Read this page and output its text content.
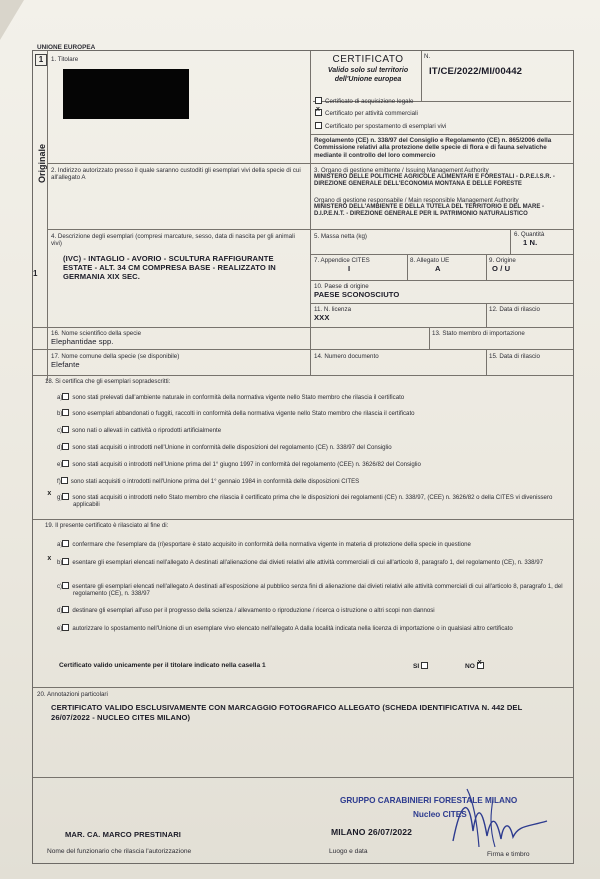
UNIONE EUROPEA
1
Originale
1
1. Titolare	CERTIFICATO
Valido solo sul territorio dell'Unione europea
N.
IT/CE/2022/MI/00442
Certificato di acquisizione legale
xCertificato per attività commerciali
Certificato per spostamento di esemplari vivi
Regolamento (CE) n. 338/97 del Consiglio e Regolamento (CE) n. 865/2006 della Commissione relativi alla protezione delle specie di flora e di fauna selvatiche mediante il controllo del loro commercio
2. Indirizzo autorizzato presso il quale saranno custoditi gli esemplari vivi della specie di cui all'allegato A
3. Organo di gestione emittente / Issuing Management Authority
MINISTERO DELLE POLITICHE AGRICOLE ALIMENTARI E FORESTALI - D.P.E.I.S.R. - DIREZIONE GENERALE DELL'ECONOMIA MONTANA E DELLE FORESTE
Organo di gestione responsabile / Main responsible Management Authority
MINISTERO DELL'AMBIENTE E DELLA TUTELA DEL TERRITORIO E DEL MARE - D.I.P.E.N.T. - DIREZIONE GENERALE PER IL PATRIMONIO NATURALISTICO
4. Descrizione degli esemplari (compresi marcature, sesso, data di nascita per gli animali vivi)
(IVC) - INTAGLIO - AVORIO - SCULTURA RAFFIGURANTE ESTATE - ALT. 34 CM COMPRESA BASE - REALIZZATO IN GERMANIA XIX SEC.
5. Massa netta (kg)	6. Quantità
1 N.
7. Appendice CITES
I
8. Allegato UE
A
9. Origine
O / U
10. Paese di origine
PAESE SCONOSCIUTO
11. N. licenza
XXX
12. Data di rilascio
16. Nome scientifico della specie
Elephantidae spp.
13. Stato membro di importazione
17. Nome comune della specie (se disponibile)
Elefante
14. Numero documento	15. Data di rilascio
18. Si certifica che gli esemplari sopradescritti:
a) sono stati prelevati dall'ambiente naturale in conformità della normativa vigente nello Stato membro che rilascia il certificato
b) sono esemplari abbandonati o fuggiti, raccolti in conformità della normativa vigente nello Stato membro che rilascia il certificato
c) sono nati o allevati in cattività o riprodotti artificialmente
d) sono stati acquisiti o introdotti nell'Unione in conformità delle disposizioni del regolamento (CE) n. 338/97 del Consiglio
e) sono stati acquisiti o introdotti nell'Unione prima del 1° giugno 1997 in conformità del regolamento (CEE) n. 3626/82 del Consiglio
f) sono stati acquisiti o introdotti nell'Unione prima del 1° gennaio 1984 in conformità delle disposizioni CITES
g) x sono stati acquisiti o introdotti nello Stato membro che rilascia il certificato prima che le disposizioni dei regolamenti (CE) n. 338/97, (CEE) n. 3626/82 o della CITES vi divenissero applicabili
19. Il presente certificato è rilasciato al fine di:
a) confermare che l'esemplare da (ri)esportare è stato acquisito in conformità della normativa vigente in materia di protezione della specie in questione
b) x esentare gli esemplari elencati nell'allegato A destinati all'alienazione dai divieti relativi alle attività commerciali di cui all'articolo 8, paragrafo 1, del regolamento (CE), n. 338/97
c) esentare gli esemplari elencati nell'allegato A destinati all'esposizione al pubblico senza fini di alienazione dai divieti relativi alle attività commerciali di cui all'articolo 8, paragrafo 1, del regolamento (CE), n. 338/97
d) destinare gli esemplari all'uso per il progresso della scienza / allevamento o riproduzione / ricerca o istruzione o altri scopi non dannosi
e) autorizzare lo spostamento nell'Unione di un esemplare vivo elencato nell'allegato A dalla località indicata nella licenza di importazione o in qualsiasi altro certificato
Certificato valido unicamente per il titolare indicato nella casella 1	SI	NO x
20. Annotazioni particolari
CERTIFICATO VALIDO ESCLUSIVAMENTE CON MARCAGGIO FOTOGRAFICO ALLEGATO (SCHEDA IDENTIFICATIVA N. 442 DEL 26/07/2022 - NUCLEO CITES MILANO)
MAR. CA. MARCO PRESTINARI
Nome del funzionario che rilascia l'autorizzazione
MILANO 26/07/2022
Luogo e data
GRUPPO CARABINIERI FORESTALE MILANO
Nucleo CITES
Firma e timbro
